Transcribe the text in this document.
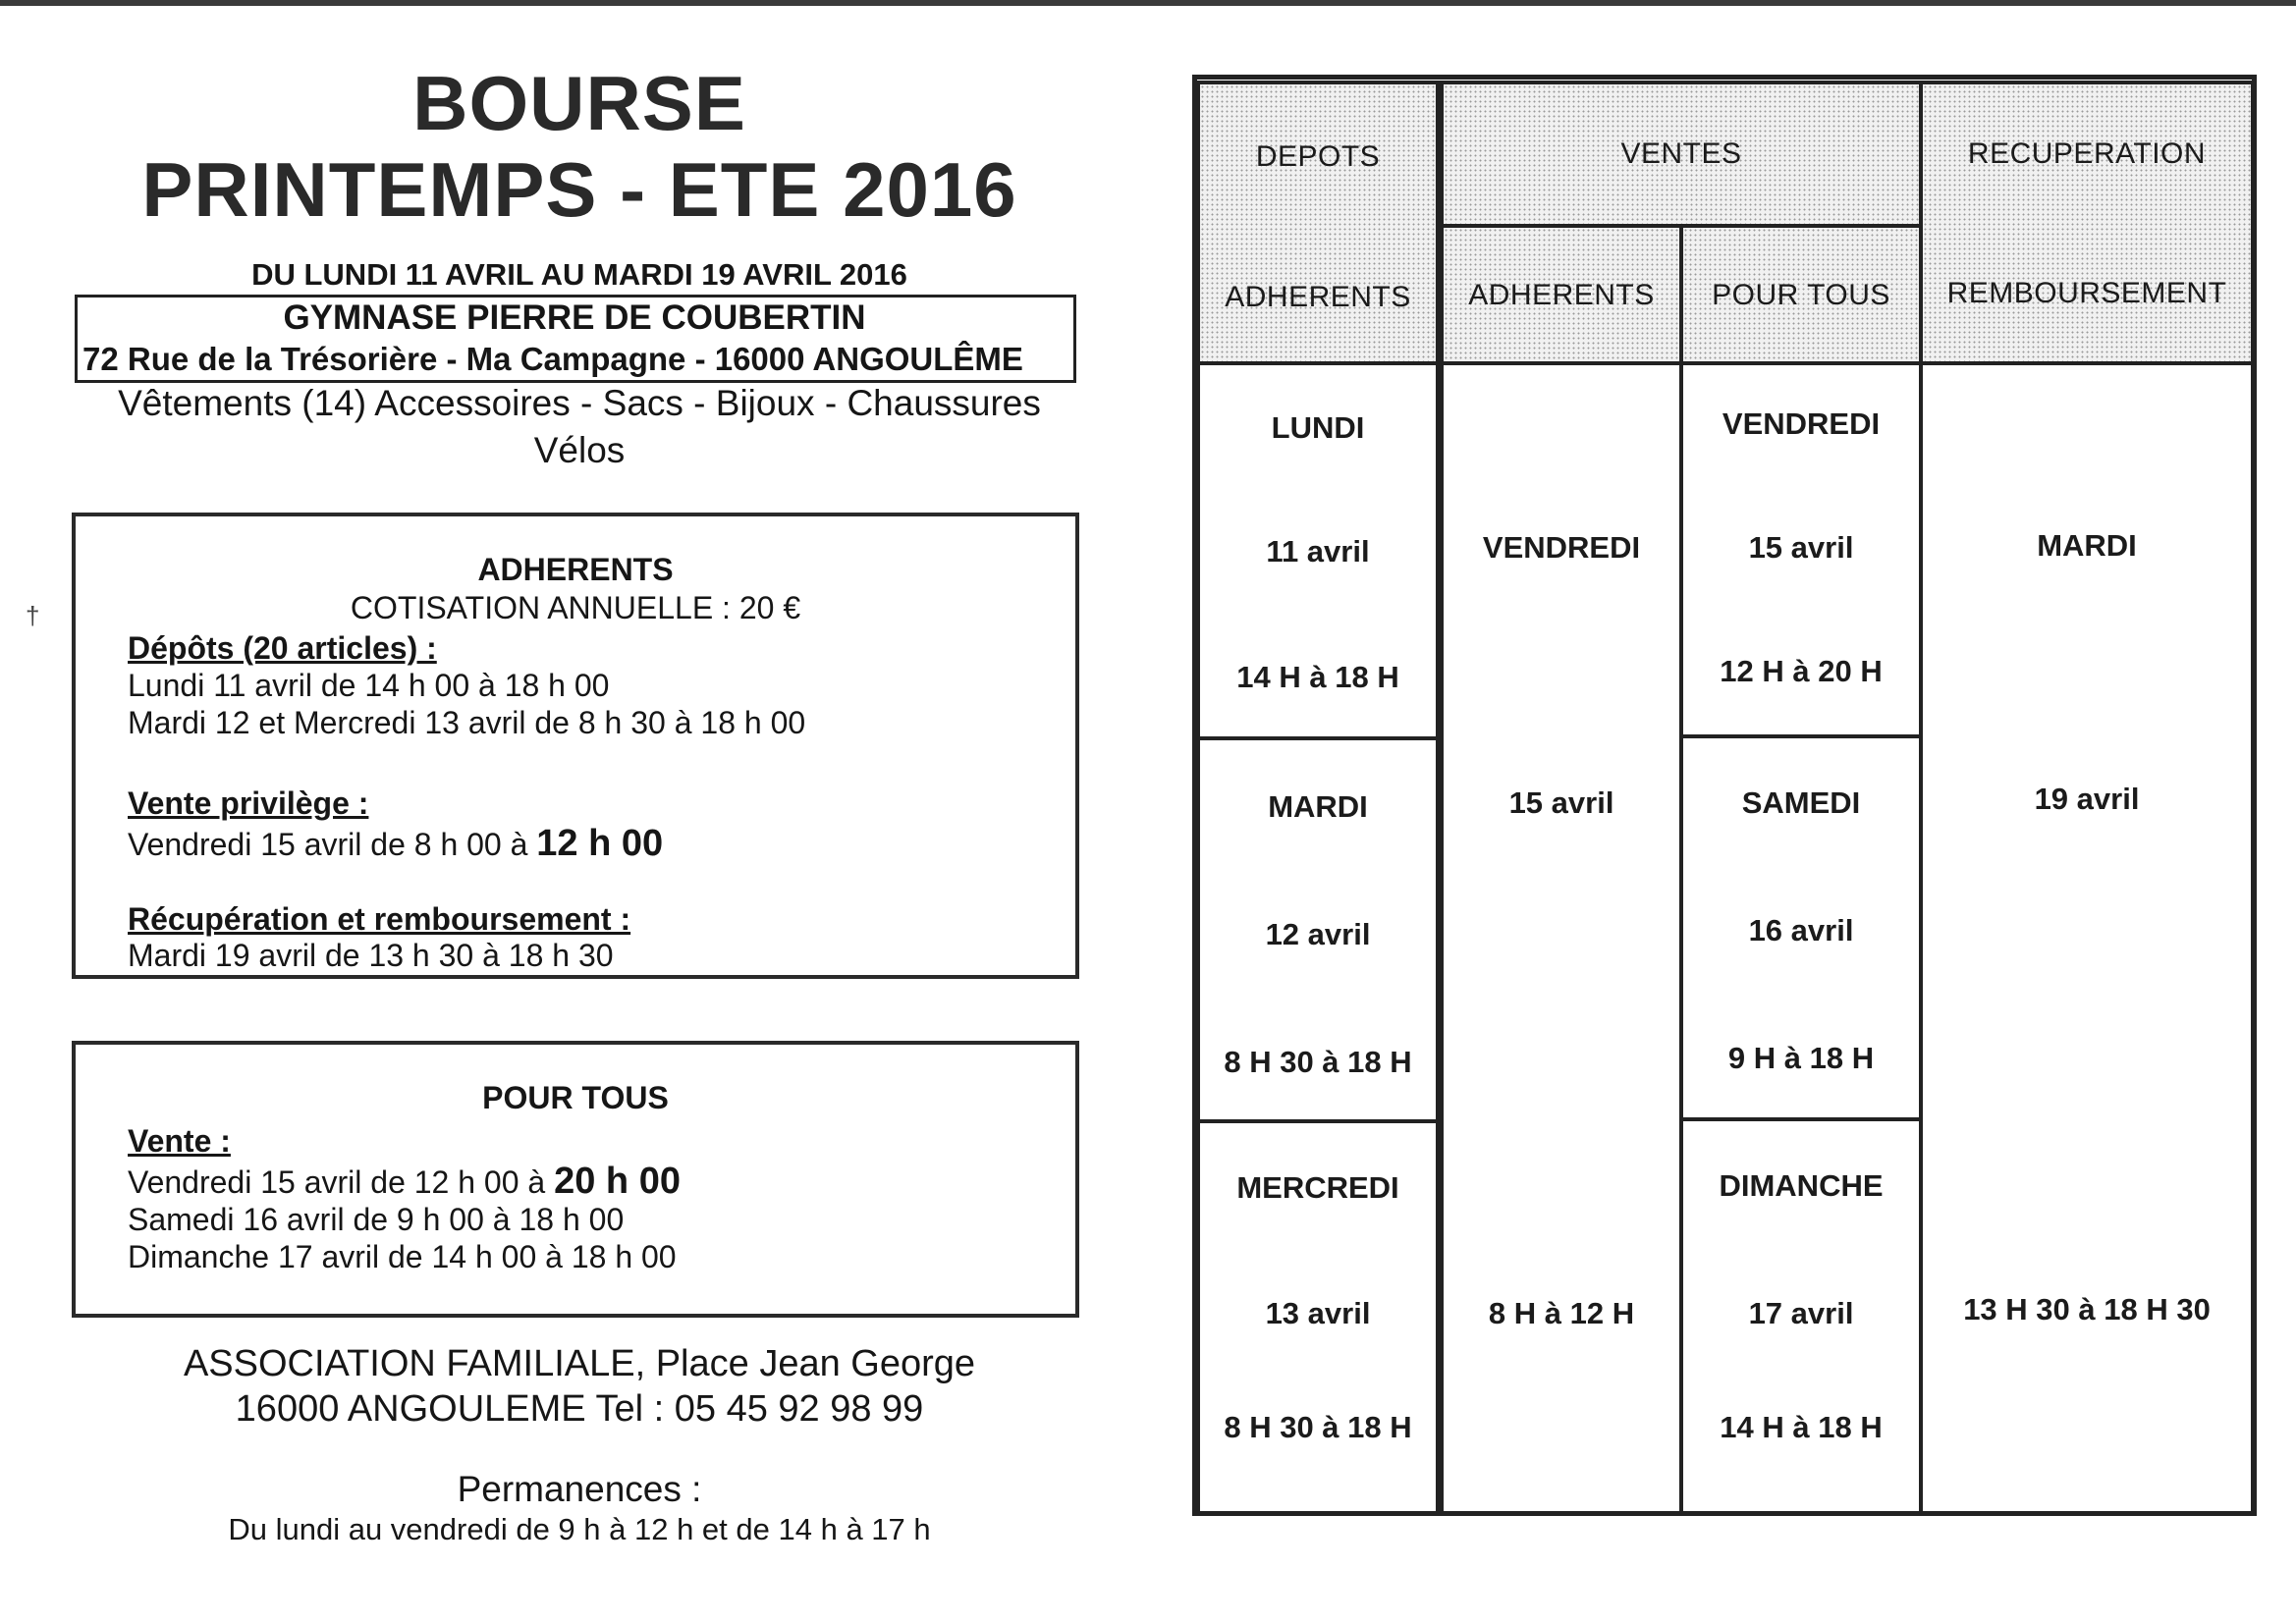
†
BOURSE
PRINTEMPS - ETE 2016
DU LUNDI 11 AVRIL AU MARDI 19 AVRIL 2016
GYMNASE PIERRE DE COUBERTIN
72 Rue de la Trésorière - Ma Campagne - 16000 ANGOULÊME
Vêtements (14) Accessoires - Sacs - Bijoux - Chaussures
Vélos
ADHERENTS
COTISATION ANNUELLE : 20 €
Dépôts (20 articles) :
Lundi 11 avril de 14 h 00 à 18 h 00
Mardi 12 et Mercredi 13 avril de 8 h 30 à 18 h 00
Vente privilège :
Vendredi 15 avril de 8 h 00 à 12 h 00
Récupération et remboursement :
Mardi 19 avril de 13 h 30 à 18 h 30
POUR TOUS
Vente :
Vendredi 15 avril de 12 h 00 à 20 h 00
Samedi 16 avril de 9 h 00 à 18 h 00
Dimanche 17 avril de 14 h 00 à 18 h 00
ASSOCIATION FAMILIALE, Place Jean George
16000 ANGOULEME Tel : 05 45 92 98 99
Permanences :
Du lundi au vendredi de 9 h à 12 h et de 14 h à 17 h
DEPOTS
ADHERENTS
VENTES
ADHERENTS	POUR TOUS
RECUPERATION
REMBOURSEMENT
LUNDI
11 avril
14 H à 18 H
MARDI
12 avril
8 H 30 à 18 H
MERCREDI
13 avril
8 H 30 à 18 H
VENDREDI
15 avril
8 H à 12 H
VENDREDI
15 avril
12 H à 20 H
SAMEDI
16 avril
9 H à 18 H
DIMANCHE
17 avril
14 H à 18 H
MARDI
19 avril
13 H 30 à 18 H 30
